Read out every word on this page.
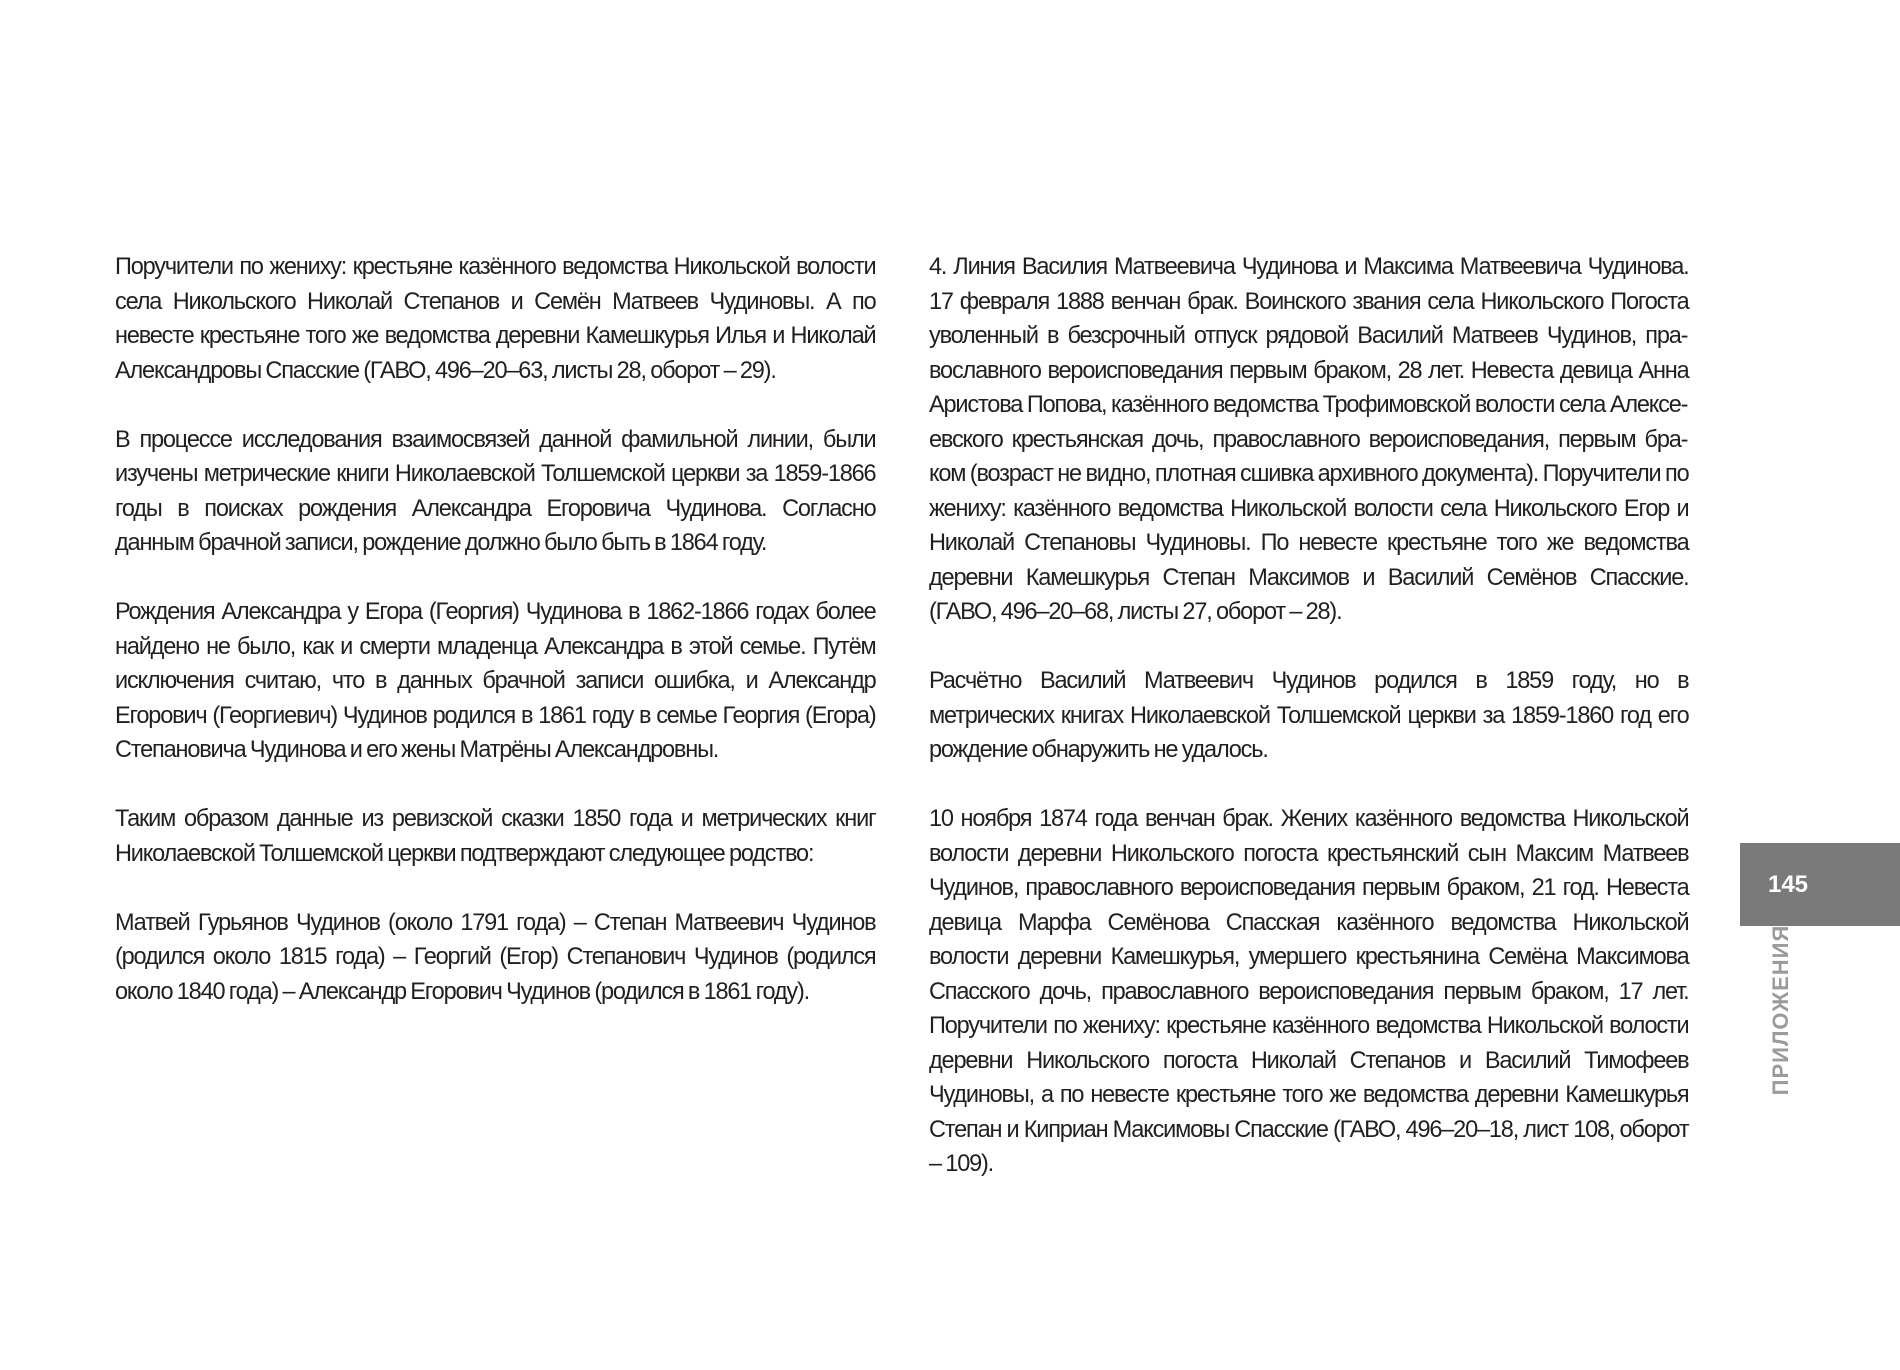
Поручители по жениху: крестьяне казённого ведомства Никольской волости села Никольского Николай Степанов и Семён Матвеев Чудиновы. А по невесте крестьяне того же ведомства деревни Камешкурья Илья и Николай Александровы Спасские (ГАВО, 496–20–63, листы 28, оборот – 29).

В процессе исследования взаимосвязей данной фамильной линии, были изучены метрические книги Николаевской Толшемской церкви за 1859-1866 годы в поисках рождения Александра Егоровича Чудинова. Согласно данным брачной записи, рождение должно было быть в 1864 году.

Рождения Александра у Егора (Георгия) Чудинова в 1862-1866 годах более найдено не было, как и смерти младенца Александра в этой семье. Путём исключения считаю, что в данных брачной записи ошибка, и Александр Егорович (Георгиевич) Чудинов родился в 1861 году в семье Георгия (Егора) Степановича Чудинова и его жены Матрёны Александровны.

Таким образом данные из ревизской сказки 1850 года и метрических книг Николаевской Толшемской церкви подтверждают следующее родство:

Матвей Гурьянов Чудинов (около 1791 года) – Степан Матвеевич Чудинов (родился около 1815 года) – Георгий (Егор) Степанович Чудинов (родился около 1840 года) – Александр Егорович Чудинов (родился в 1861 году).

4. Линия Василия Матвеевича Чудинова и Максима Матвеевича Чудинова. 17 февраля 1888 венчан брак. Воинского звания села Никольского Погоста уволенный в безсрочный отпуск рядовой Василий Матвеев Чудинов, православного вероисповедания первым браком, 28 лет. Невеста девица Анна Аристова Попова, казённого ведомства Трофимовской волости села Алексеевского крестьянская дочь, православного вероисповедания, первым браком (возраст не видно, плотная сшивка архивного документа). Поручители по жениху: казённого ведомства Никольской волости села Никольского Егор и Николай Степановы Чудиновы. По невесте крестьяне того же ведомства деревни Камешкурья Степан Максимов и Василий Семёнов Спасские. (ГАВО, 496–20–68, листы 27, оборот – 28).

Расчётно Василий Матвеевич Чудинов родился в 1859 году, но в метрических книгах Николаевской Толшемской церкви за 1859-1860 год его рождение обнаружить не удалось.

10 ноября 1874 года венчан брак. Жених казённого ведомства Никольской волости деревни Никольского погоста крестьянский сын Максим Матвеев Чудинов, православного вероисповедания первым браком, 21 год. Невеста девица Марфа Семёнова Спасская казённого ведомства Никольской волости деревни Камешкурья, умершего крестьянина Семёна Максимова Спасского дочь, православного вероисповедания первым браком, 17 лет. Поручители по жениху: крестьяне казённого ведомства Никольской волости деревни Никольского погоста Николай Степанов и Василий Тимофеев Чудиновы, а по невесте крестьяне того же ведомства деревни Камешкурья Степан и Киприан Максимовы Спасские (ГАВО, 496–20–18, лист 108, оборот – 109).

145
ПРИЛОЖЕНИЯ
